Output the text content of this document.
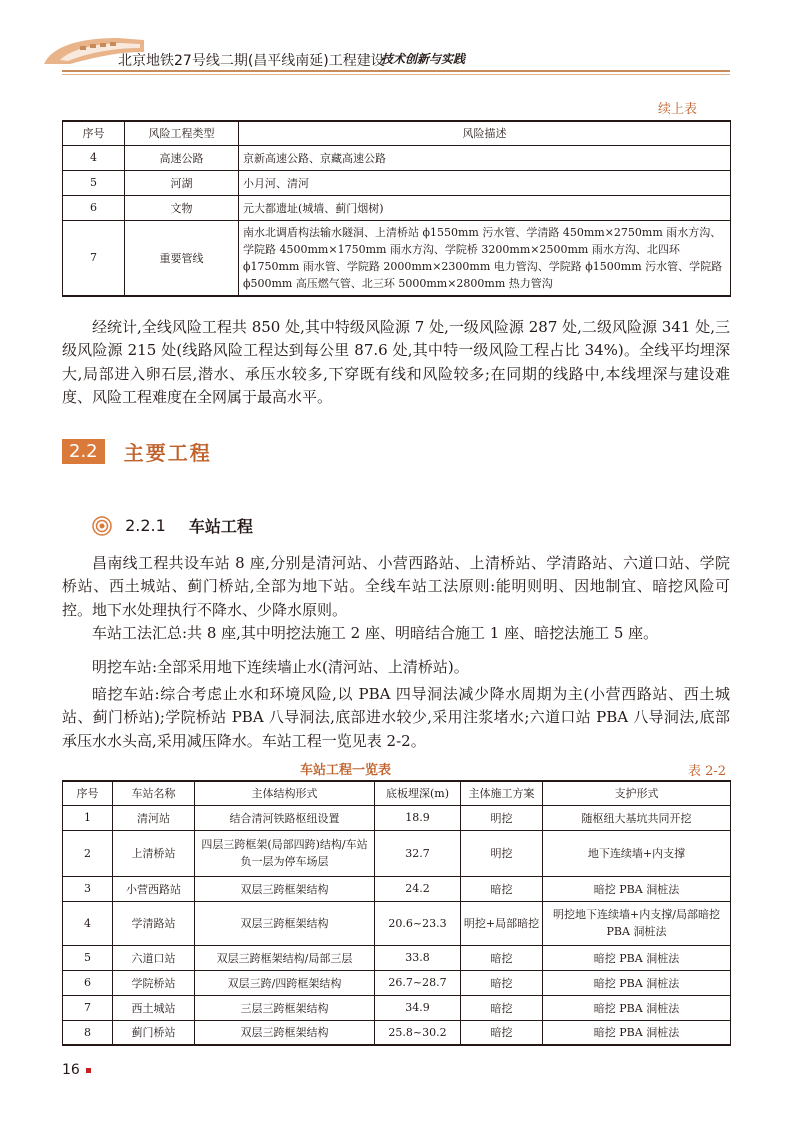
北京地铁27号线二期(昌平线南延)工程建设
技术创新与实践
续上表
序号	风险工程类型	风险描述
4	高速公路	京新高速公路、京藏高速公路
5	河湖	小月河、清河
6	文物	元大都遗址(城墙、蓟门烟树)
7	重要管线	南水北调盾构法输水隧洞、上清桥站 ϕ1550mm 污水管、学清路 450mm×2750mm 雨水方沟、学院路 4500mm×1750mm 雨水方沟、学院桥 3200mm×2500mm 雨水方沟、北四环 ϕ1750mm 雨水管、学院路 2000mm×2300mm 电力管沟、学院路 ϕ1500mm 污水管、学院路 ϕ500mm 高压燃气管、北三环 5000mm×2800mm 热力管沟

经统计,全线风险工程共 850 处,其中特级风险源 7 处,一级风险源 287 处,二级风险源 341 处,三级风险源 215 处(线路风险工程达到每公里 87.6 处,其中特一级风险工程占比 34%)。全线平均埋深大,局部进入卵石层,潜水、承压水较多,下穿既有线和风险较多;在同期的线路中,本线埋深与建设难度、风险工程难度在全网属于最高水平。

2.2 主要工程
2.2.1 车站工程

昌南线工程共设车站 8 座,分别是清河站、小营西路站、上清桥站、学清路站、六道口站、学院桥站、西土城站、蓟门桥站,全部为地下站。全线车站工法原则:能明则明、因地制宜、暗挖风险可控。地下水处理执行不降水、少降水原则。

车站工法汇总:共 8 座,其中明挖法施工 2 座、明暗结合施工 1 座、暗挖法施工 5 座。

明挖车站:全部采用地下连续墙止水(清河站、上清桥站)。

暗挖车站:综合考虑止水和环境风险,以 PBA 四导洞法减少降水周期为主(小营西路站、西土城站、蓟门桥站);学院桥站 PBA 八导洞法,底部进水较少,采用注浆堵水;六道口站 PBA 八导洞法,底部承压水水头高,采用减压降水。车站工程一览见表 2-2。

车站工程一览表	表 2-2
序号	车站名称	主体结构形式	底板埋深(m)	主体施工方案	支护形式
1	清河站	结合清河铁路枢纽设置	18.9	明挖	随枢纽大基坑共同开挖
2	上清桥站	四层三跨框架(局部四跨)结构/车站负一层为停车场层	32.7	明挖	地下连续墙+内支撑
3	小营西路站	双层三跨框架结构	24.2	暗挖	暗挖 PBA 洞桩法
4	学清路站	双层三跨框架结构	20.6~23.3	明挖+局部暗挖	明挖地下连续墙+内支撑/局部暗挖 PBA 洞桩法
5	六道口站	双层三跨框架结构/局部三层	33.8	暗挖	暗挖 PBA 洞桩法
6	学院桥站	双层三跨/四跨框架结构	26.7~28.7	暗挖	暗挖 PBA 洞桩法
7	西土城站	三层三跨框架结构	34.9	暗挖	暗挖 PBA 洞桩法
8	蓟门桥站	双层三跨框架结构	25.8~30.2	暗挖	暗挖 PBA 洞桩法
16
